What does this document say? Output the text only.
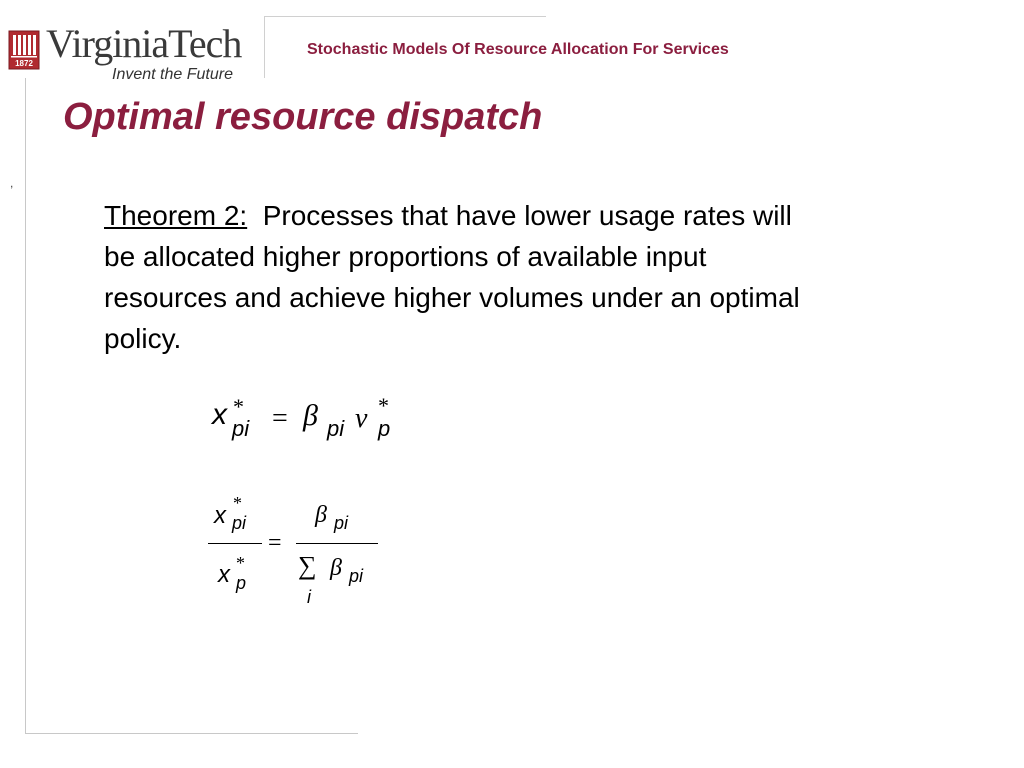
1872 VirginiaTech
Invent the Future
Stochastic Models Of Resource Allocation For Services
Optimal resource dispatch
,
Theorem 2: Processes that have lower usage rates will be allocated higher proportions of available input resources and achieve higher volumes under an optimal policy.
x *
pi = β pi ν *
p
x *
pi
x *
p
=
β pi
∑
i
β pi
